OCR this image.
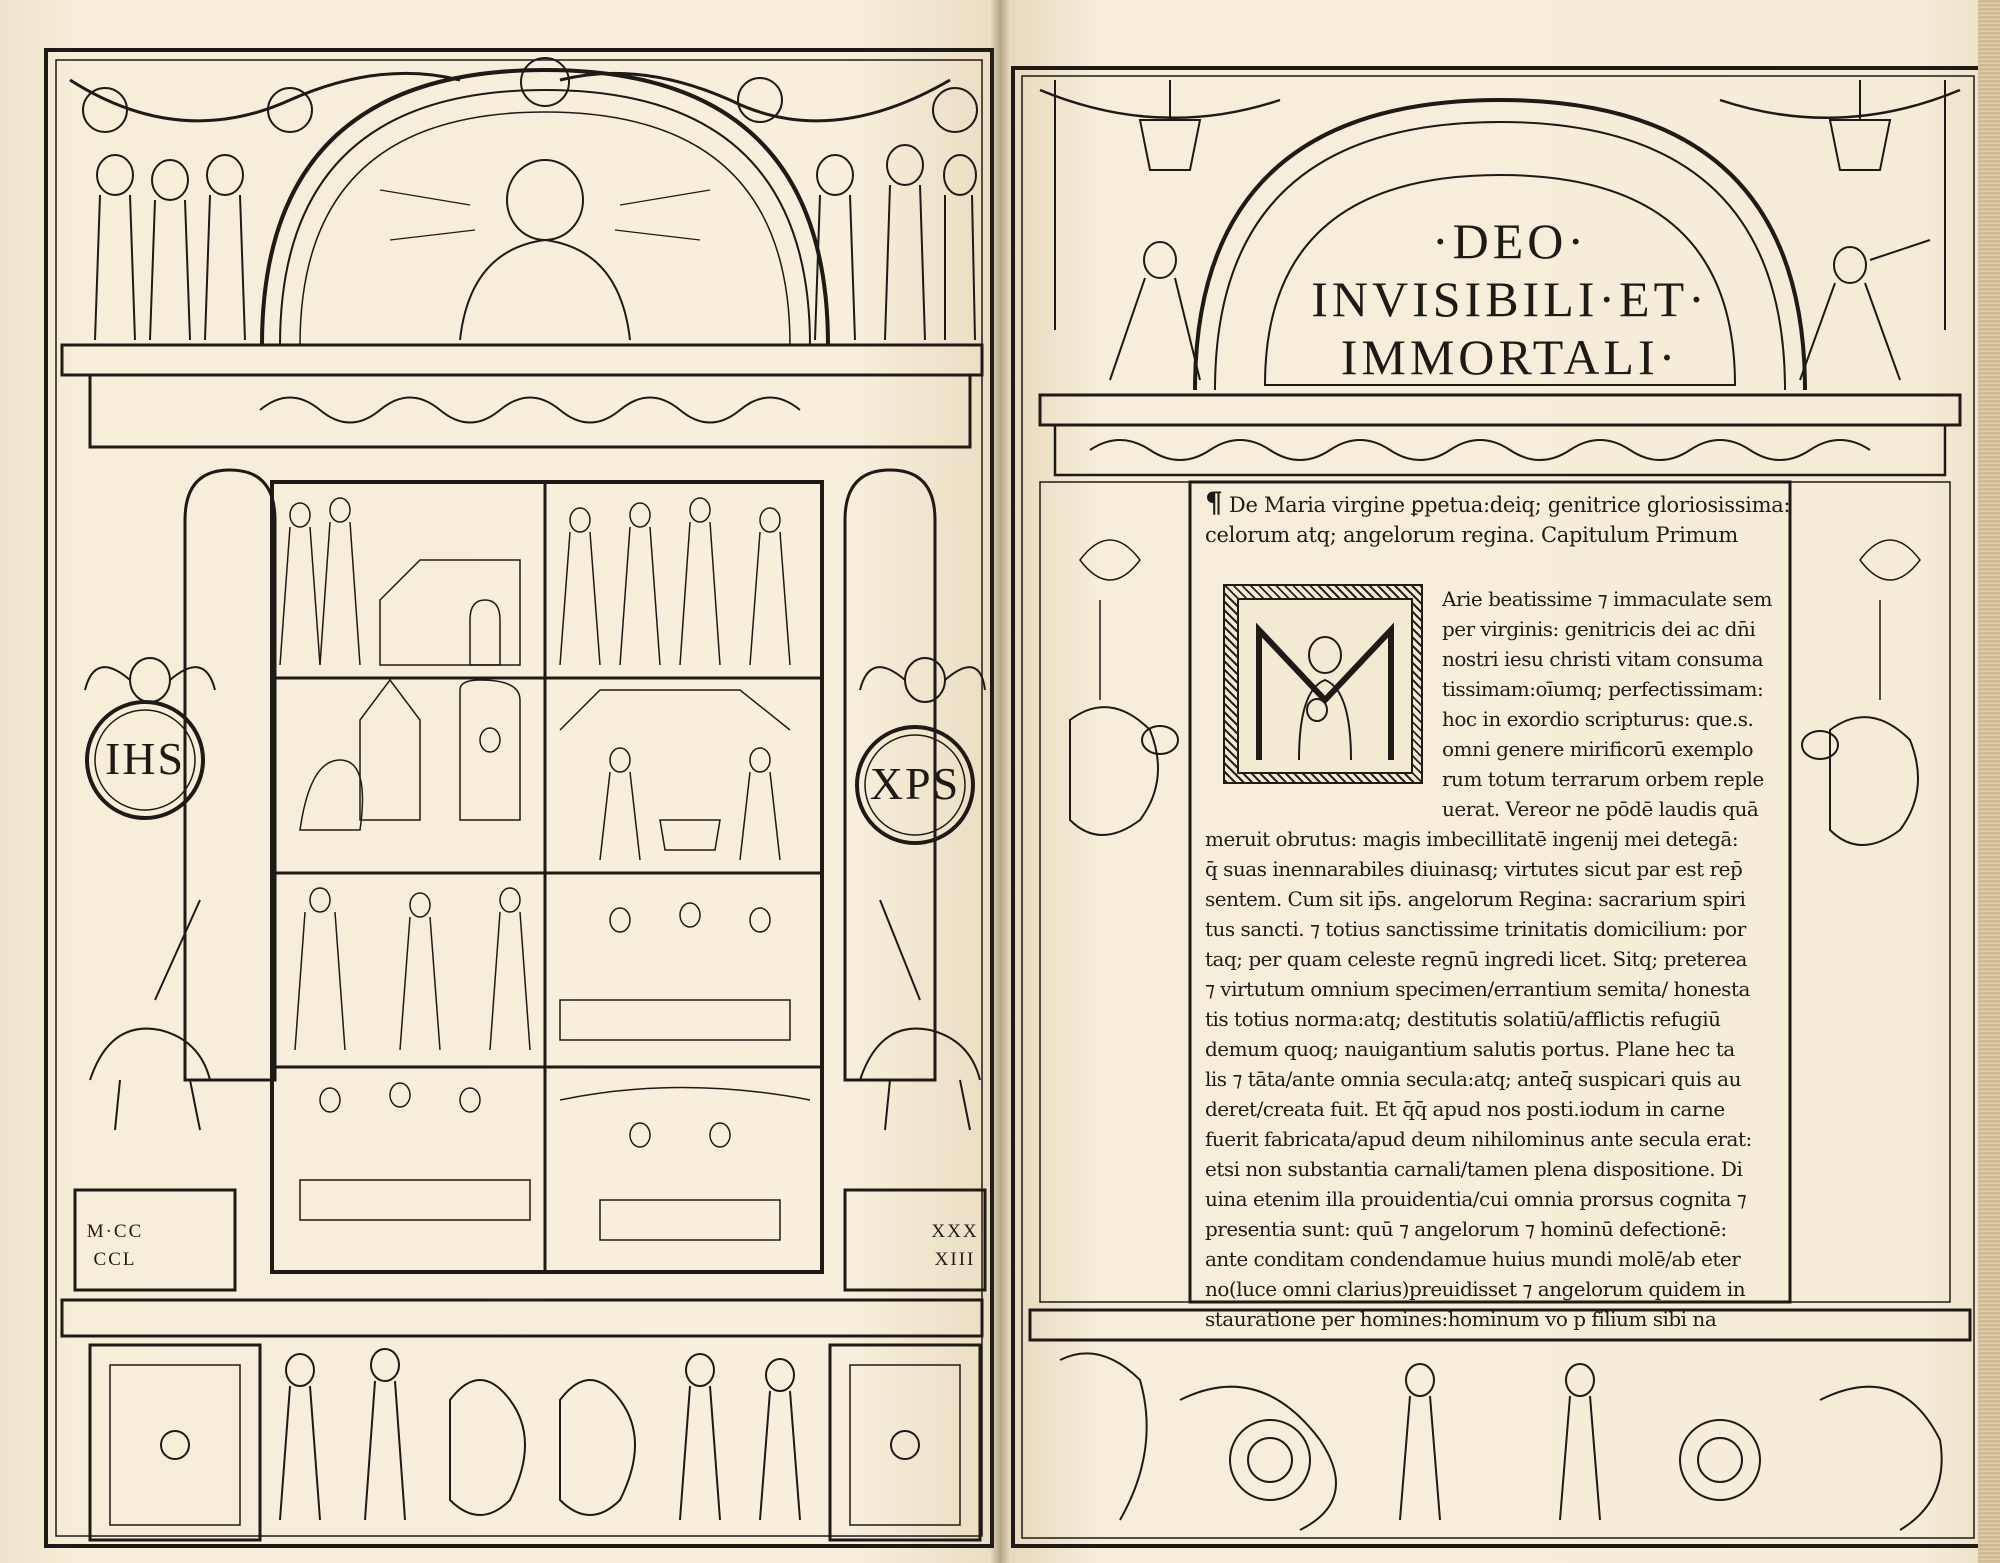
IHS	XPS
M·CC
CCL
XXX
XIII
·DEO·
INVISIBILI·ET·
IMMORTALI·
¶ De Maria virgine ꝑpetua:deiq; genitrice gloriosissima:
celorum atq; angelorum regina. Capitulum Primum
Arie beatissime ⁊ immaculate sem
per virginis: genitricis dei ac dn̄i
nostri iesu christi vitam consuma
tissimam:oīumq; perfectissimam:
hoc in exordio scripturus: que.s.
omni genere mirificorū exemplo
rum totum terrarum orbem reple
uerat. Vereor ne pōdē laudis quā
meruit obrutus: magis imbecillitatē ingenij mei detegā:
q̄ suas inennarabiles diuinasq; virtutes sicut par est rep̄
sentem. Cum sit ip̄s. angelorum Regina: sacrarium spiri
tus sancti. ⁊ totius sanctissime trinitatis domicilium: por
taq; per quam celeste regnū ingredi licet. Sitq; preterea
⁊ virtutum omnium specimen/errantium semita/ honesta
tis totius norma:atq; destitutis solatiū/afflictis refugiū
demum quoq; nauigantium salutis portus. Plane hec ta
lis ⁊ tāta/ante omnia secula:atq; anteq̄ suspicari quis au
deret/creata fuit. Et q̄q̄ apud nos posti.iodum in carne
fuerit fabricata/apud deum nihilominus ante secula erat:
etsi non substantia carnali/tamen plena dispositione. Di
uina etenim illa prouidentia/cui omnia prorsus cognita ⁊
presentia sunt: quū ⁊ angelorum ⁊ hominū defectionē:
ante conditam condendamue huius mundi molē/ab eter
no(luce omni clarius)preuidisset ⁊ angelorum quidem in
stauratione per homines:hominum vo p filium sibi na
